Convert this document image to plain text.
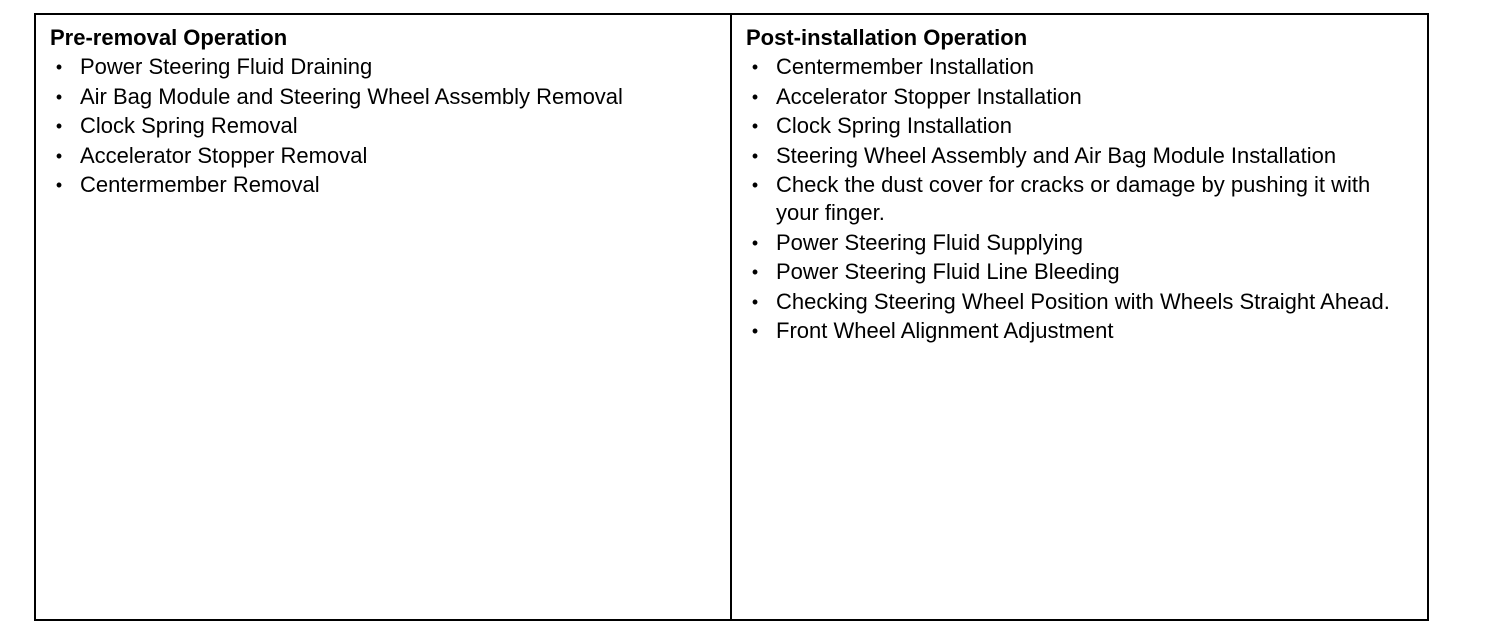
Pre-removal Operation

• Power Steering Fluid Draining
• Air Bag Module and Steering Wheel Assembly Removal
• Clock Spring Removal
• Accelerator Stopper Removal
• Centermember Removal

Post-installation Operation

• Centermember Installation
• Accelerator Stopper Installation
• Clock Spring Installation
• Steering Wheel Assembly and Air Bag Module Installation
• Check the dust cover for cracks or damage by pushing it with your finger.
• Power Steering Fluid Supplying
• Power Steering Fluid Line Bleeding
• Checking Steering Wheel Position with Wheels Straight Ahead.
• Front Wheel Alignment Adjustment
